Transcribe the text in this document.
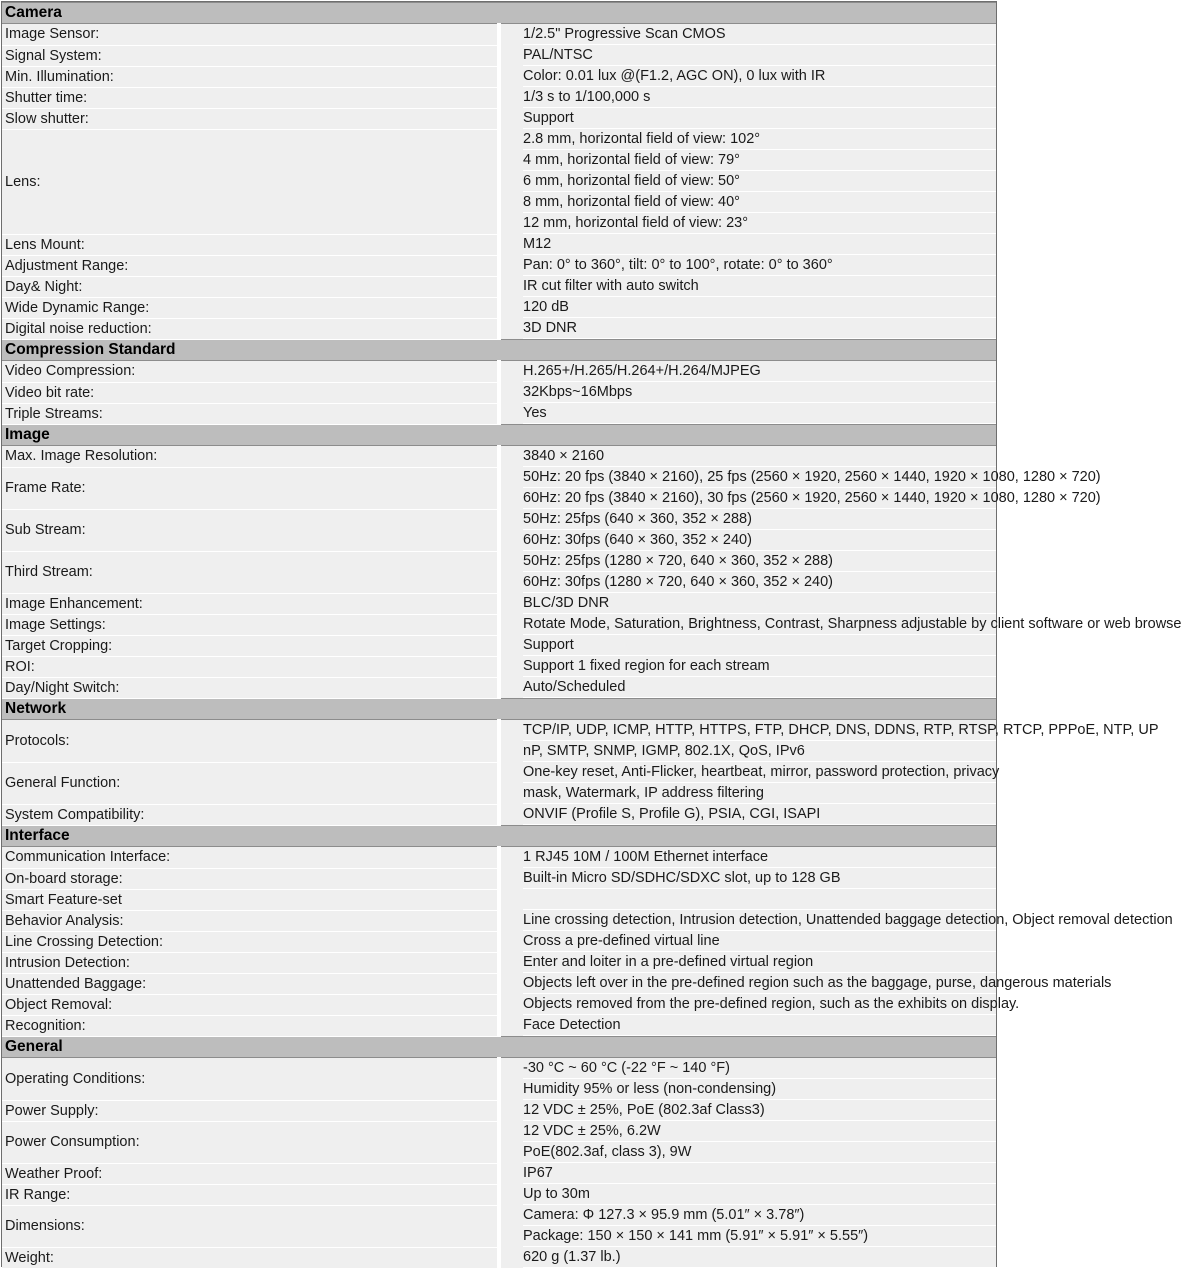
Camera	
Image Sensor:	1/2.5" Progressive Scan CMOS

Signal System:	PAL/NTSC

Min. Illumination:	Color: 0.01 lux @(F1.2, AGC ON), 0 lux with IR

Shutter time:	1/3 s to 1/100,000 s

Slow shutter:	Support

Lens:	2.8 mm, horizontal field of view: 102°
4 mm, horizontal field of view: 79°
6 mm, horizontal field of view: 50°
8 mm, horizontal field of view: 40°
12 mm, horizontal field of view: 23°

Lens Mount:	M12

Adjustment Range:	Pan: 0° to 360°, tilt: 0° to 100°, rotate: 0° to 360°

Day& Night:	IR cut filter with auto switch

Wide Dynamic Range:	120 dB

Digital noise reduction:	3D DNR

Compression Standard	
Video Compression:	H.265+/H.265/H.264+/H.264/MJPEG

Video bit rate:	32Kbps~16Mbps

Triple Streams:	Yes

Image	
Max. Image Resolution:	3840 × 2160

Frame Rate:	50Hz: 20 fps (3840 × 2160), 25 fps (2560 × 1920, 2560 × 1440, 1920 × 1080, 1280 × 720)
60Hz: 20 fps (3840 × 2160), 30 fps (2560 × 1920, 2560 × 1440, 1920 × 1080, 1280 × 720)

Sub Stream:	50Hz: 25fps (640 × 360, 352 × 288)
60Hz: 30fps (640 × 360, 352 × 240)

Third Stream:	50Hz: 25fps (1280 × 720, 640 × 360, 352 × 288)
60Hz: 30fps (1280 × 720, 640 × 360, 352 × 240)

Image Enhancement:	BLC/3D DNR

Image Settings:	Rotate Mode, Saturation, Brightness, Contrast, Sharpness adjustable by client software or web browse

Target Cropping:	Support

ROI:	Support 1 fixed region for each stream

Day/Night Switch:	Auto/Scheduled

Network	
Protocols:	TCP/IP, UDP, ICMP, HTTP, HTTPS, FTP, DHCP, DNS, DDNS, RTP, RTSP, RTCP, PPPoE, NTP, UP
nP, SMTP, SNMP, IGMP, 802.1X, QoS, IPv6

General Function:	One-key reset, Anti-Flicker, heartbeat, mirror, password protection, privacy
mask, Watermark, IP address filtering

System Compatibility:	ONVIF (Profile S, Profile G), PSIA, CGI, ISAPI

Interface	
Communication Interface:	1 RJ45 10M / 100M Ethernet interface

On-board storage:	Built-in Micro SD/SDHC/SDXC slot, up to 128 GB

Smart Feature-set	

Behavior Analysis:	Line crossing detection, Intrusion detection, Unattended baggage detection, Object removal detection

Line Crossing Detection:	Cross a pre-defined virtual line

Intrusion Detection:	Enter and loiter in a pre-defined virtual region

Unattended Baggage:	Objects left over in the pre-defined region such as the baggage, purse, dangerous materials

Object Removal:	Objects removed from the pre-defined region, such as the exhibits on display.

Recognition:	Face Detection

General	
Operating Conditions:	-30 °C ~ 60 °C (-22 °F ~ 140 °F)
Humidity 95% or less (non-condensing)

Power Supply:	12 VDC ± 25%, PoE (802.3af Class3)

Power Consumption:	12 VDC ± 25%, 6.2W
PoE(802.3af, class 3), 9W

Weather Proof:	IP67

IR Range:	Up to 30m

Dimensions:	Camera: Φ 127.3 × 95.9 mm (5.01″ × 3.78″)
Package: 150 × 150 × 141 mm (5.91″ × 5.91″ × 5.55″)

Weight:	620 g (1.37 lb.)
